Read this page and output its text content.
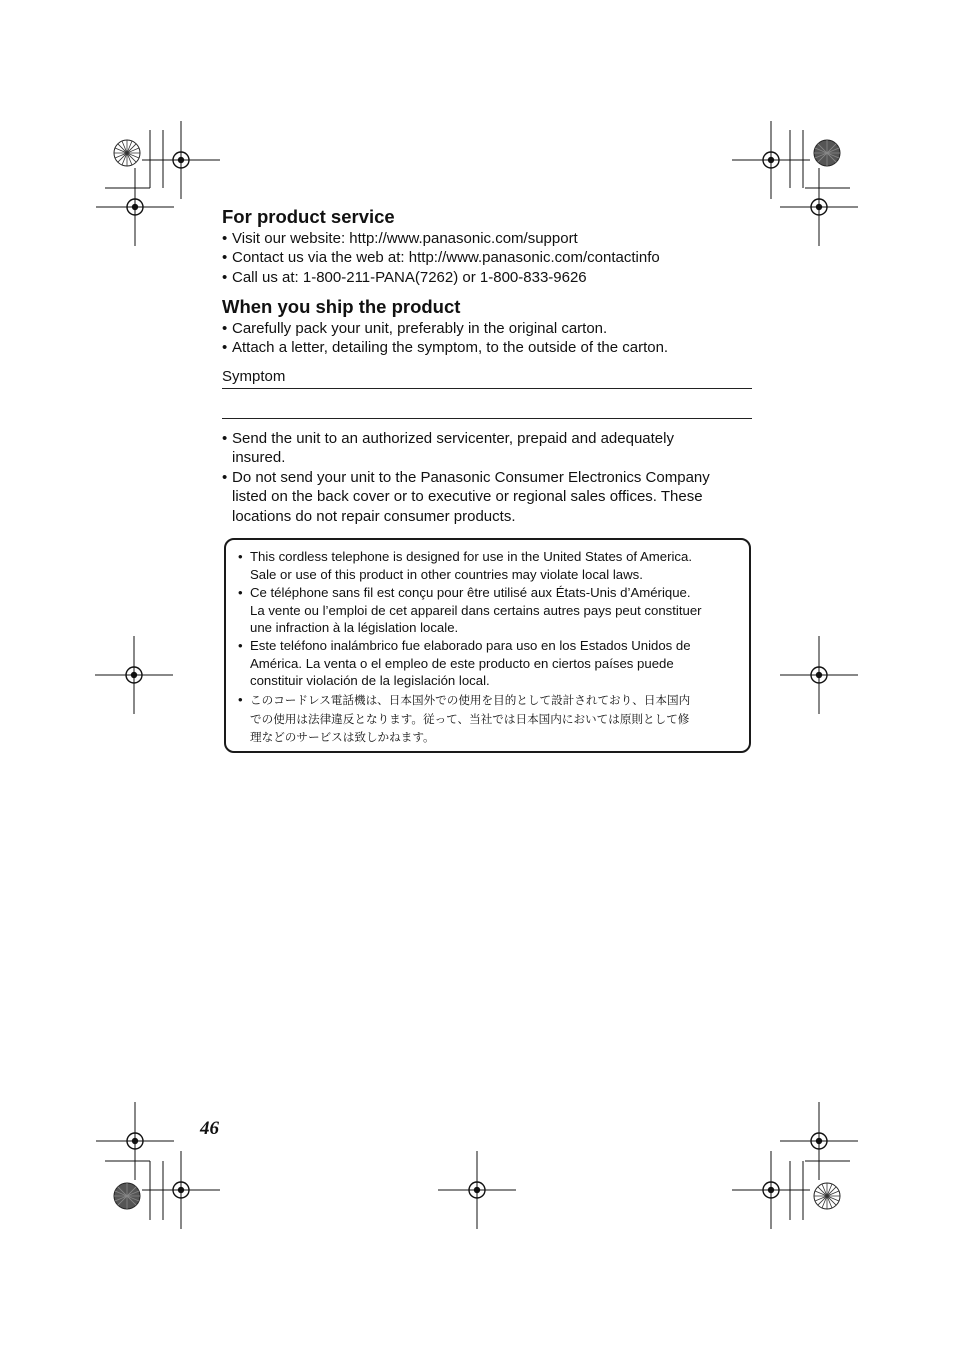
For product service
• Visit our website: http://www.panasonic.com/support
• Contact us via the web at: http://www.panasonic.com/contactinfo
• Call us at: 1-800-211-PANA(7262) or 1-800-833-9626
When you ship the product
• Carefully pack your unit, preferably in the original carton.
• Attach a letter, detailing the symptom, to the outside of the carton.
Symptom
• Send the unit to an authorized servicenter, prepaid and adequately
insured.
• Do not send your unit to the Panasonic Consumer Electronics Company
listed on the back cover or to executive or regional sales offices. These
locations do not repair consumer products.
• This cordless telephone is designed for use in the United States of America.
Sale or use of this product in other countries may violate local laws.
• Ce téléphone sans fil est conçu pour être utilisé aux États-Unis d’Amérique.
La vente ou l’emploi de cet appareil dans certains autres pays peut constituer
une infraction à la législation locale.
• Este teléfono inalámbrico fue elaborado para uso en los Estados Unidos de
América. La venta o el empleo de este producto en ciertos países puede
constituir violación de la legislación local.
• このコードレス電話機は、日本国外での使用を目的として設計されており、日本国内
での使用は法律違反となります。従って、当社では日本国内においては原則として修
理などのサービスは致しかねます。
46
